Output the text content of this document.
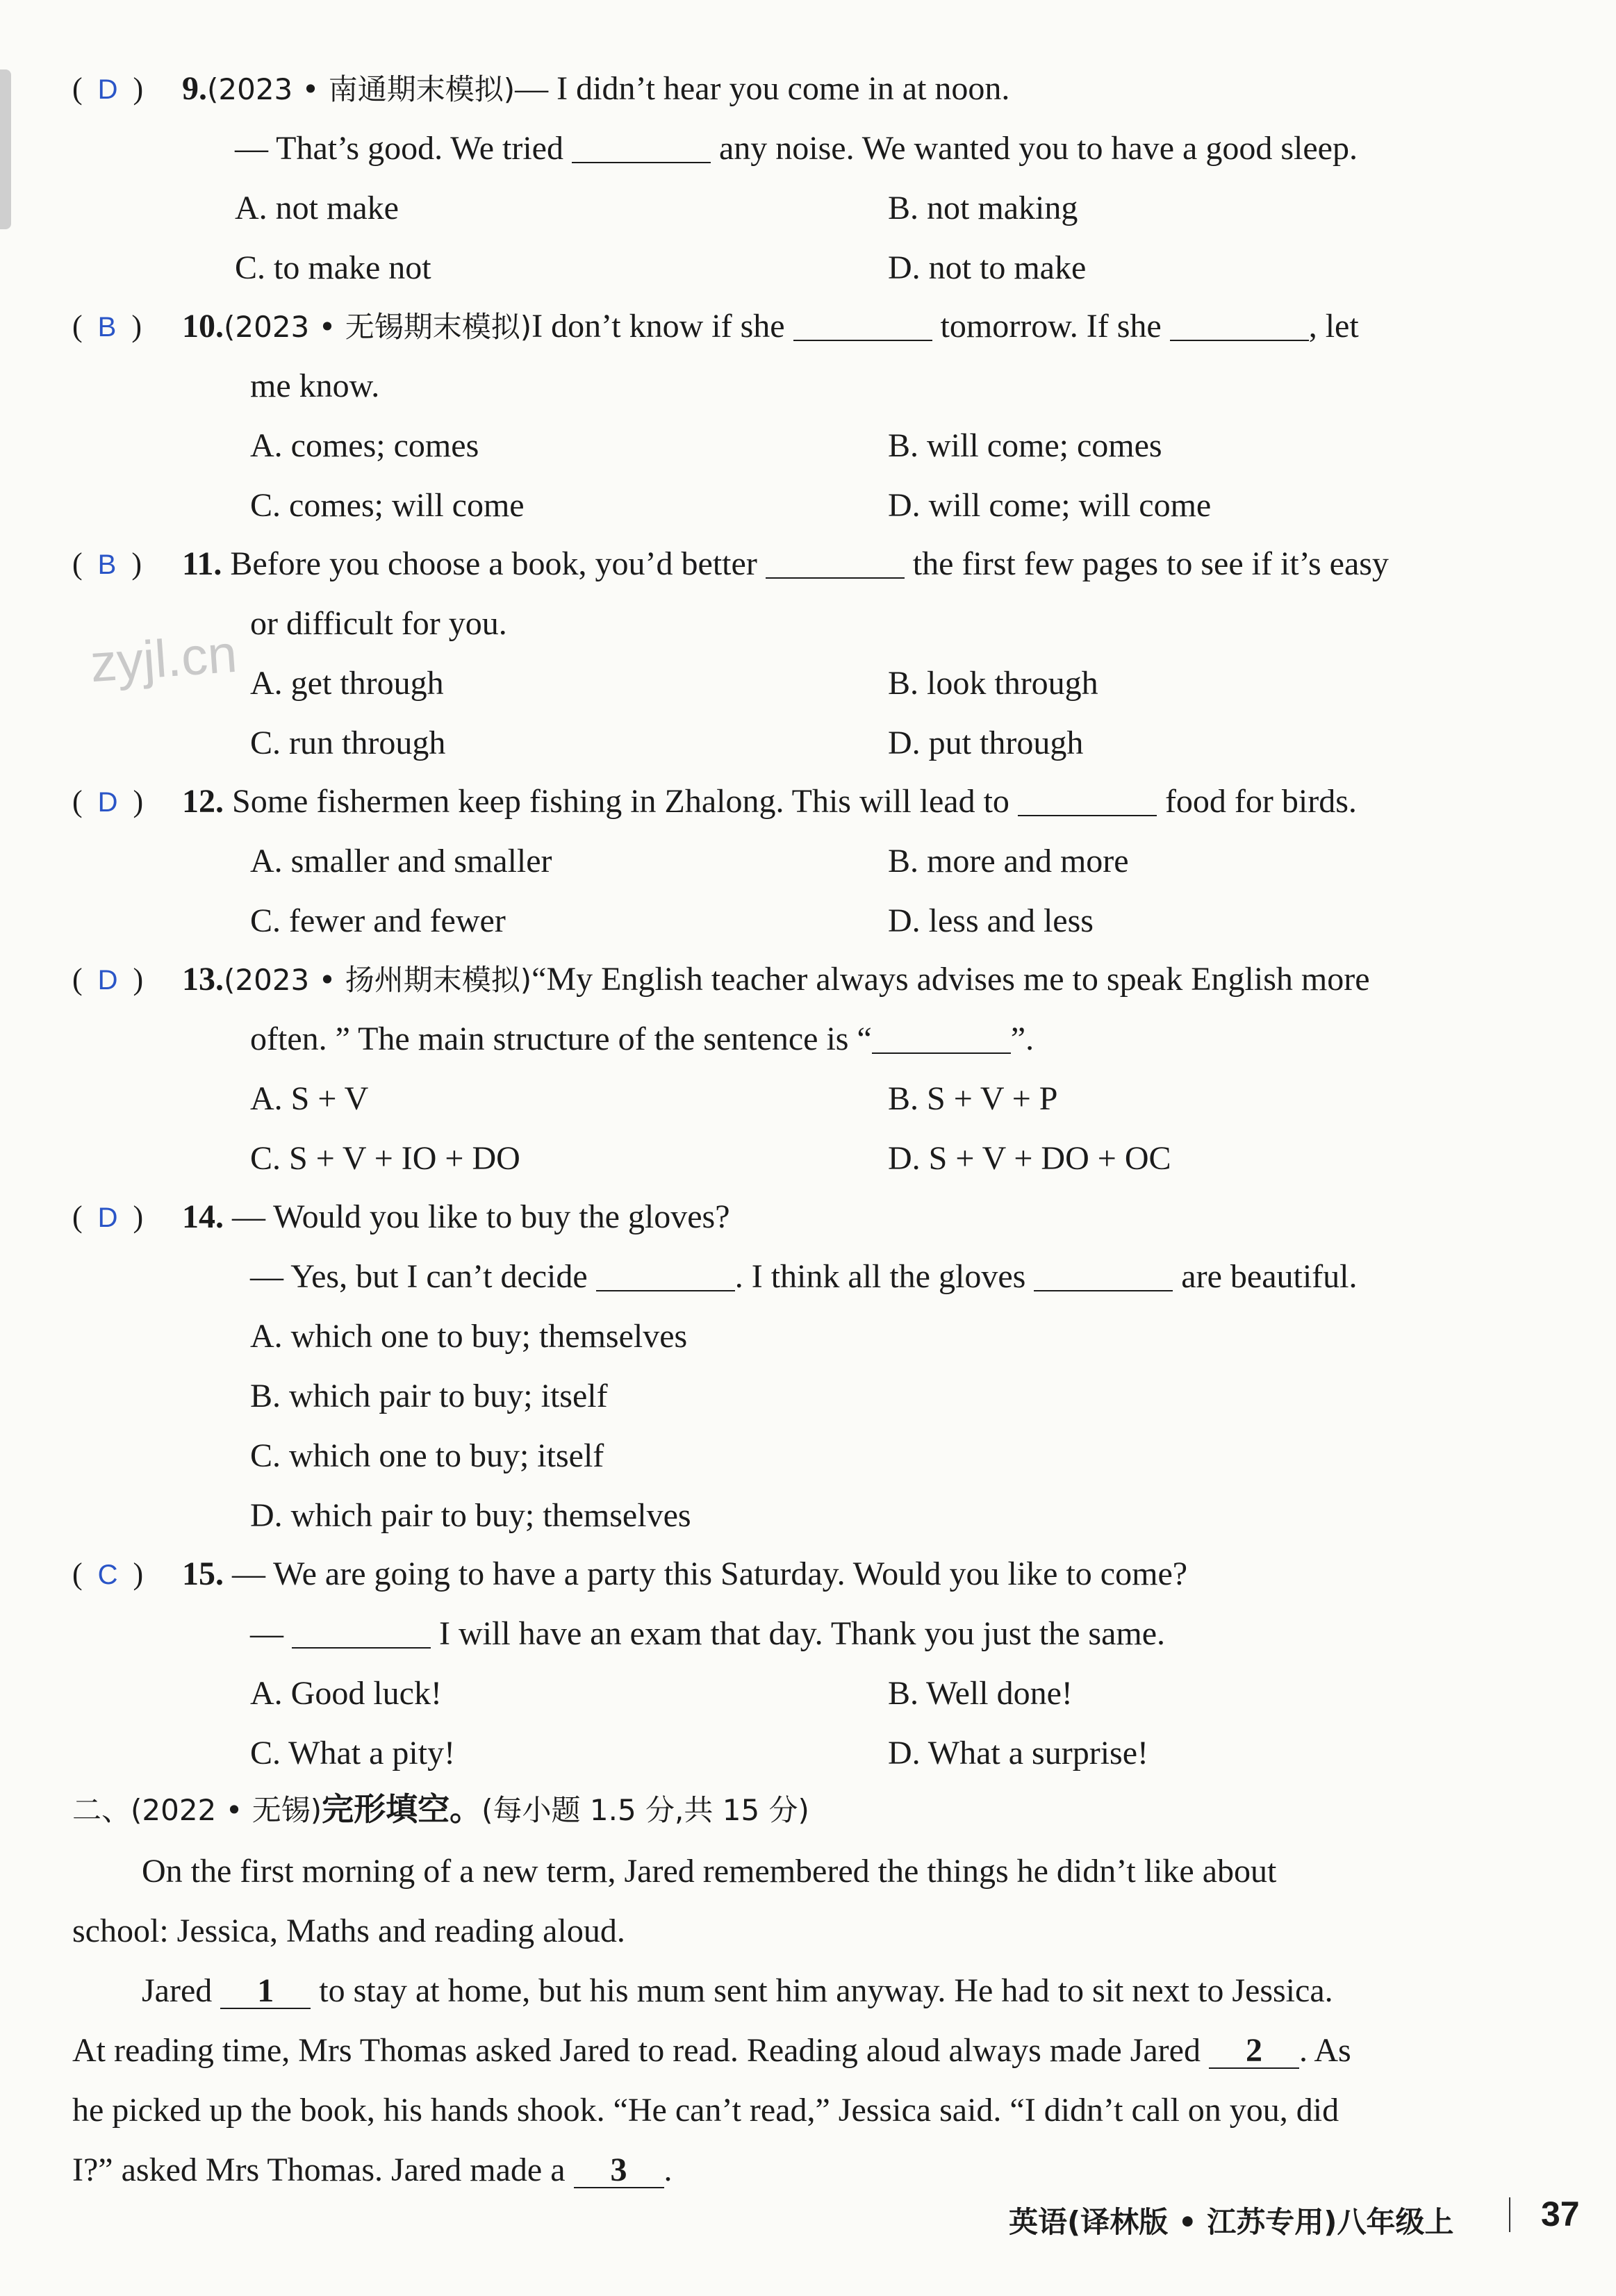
zyjl.cn
(  D  ) 9.(2023 • 南通期末模拟)— I didn’t hear you come in at noon.
— That’s good. We tried	any noise. We wanted you to have a good sleep.
A. not make	B. not making
C. to make not	D. not to make
(  B  ) 10.(2023 • 无锡期末模拟)I don’t know if she	tomorrow. If she	, let
me know.
A. comes; comes	B. will come; comes
C. comes; will come	D. will come; will come
(  B  ) 11. Before you choose a book, you’d better	the first few pages to see if it’s easy
or difficult for you.
A. get through	B. look through
C. run through	D. put through
(  D  ) 12. Some fishermen keep fishing in Zhalong. This will lead to	food for birds.
A. smaller and smaller	B. more and more
C. fewer and fewer	D. less and less
(  D  ) 13.(2023 • 扬州期末模拟)“My English teacher always advises me to speak English more
often. ” The main structure of the sentence is “	”.
A. S + V	B. S + V + P
C. S + V + IO + DO	D. S + V + DO + OC
(  D  ) 14. — Would you like to buy the gloves?
— Yes, but I can’t decide	. I think all the gloves	are beautiful.
A. which one to buy; themselves
B. which pair to buy; itself
C. which one to buy; itself
D. which pair to buy; themselves
(  C  ) 15. — We are going to have a party this Saturday. Would you like to come?
—	I will have an exam that day. Thank you just the same.
A. Good luck!	B. Well done!
C. What a pity!	D. What a surprise!
二、(2022 • 无锡)完形填空。(每小题 1.5 分,共 15 分)
On the first morning of a new term, Jared remembered the things he didn’t like about
school: Jessica, Maths and reading aloud.
Jared 1 to stay at home, but his mum sent him anyway. He had to sit next to Jessica.
At reading time, Mrs Thomas asked Jared to read. Reading aloud always made Jared 2 . As
he picked up the book, his hands shook. “He can’t read,” Jessica said. “I didn’t call on you, did
I?” asked Mrs Thomas. Jared made a 3 .
英语(译林版 • 江苏专用)八年级上	37
